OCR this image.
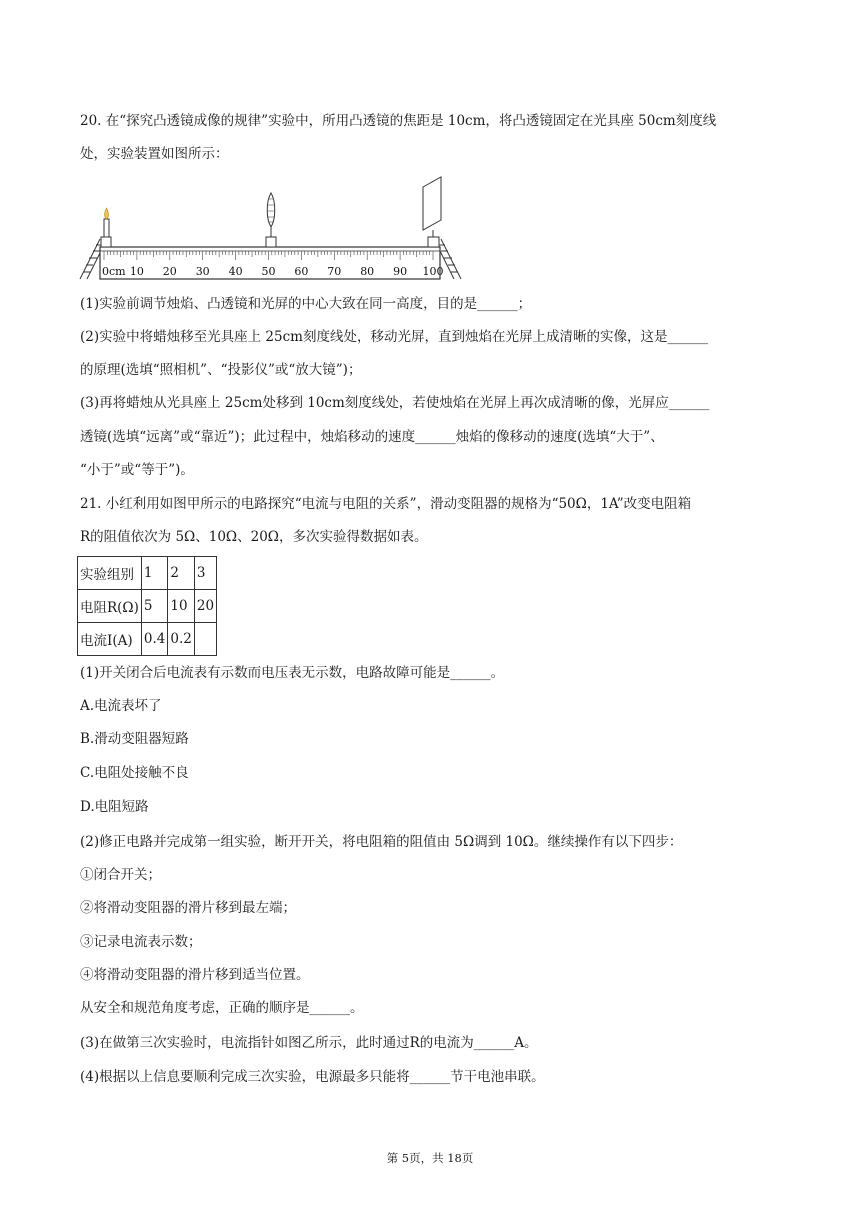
20. 在“探究凸透镜成像的规律”实验中，所用凸透镜的焦距是 10cm，将凸透镜固定在光具座 50cm刻度线
处，实验装置如图所示：
0cm 10 20 30 40 50 60 70 80 90 100
(1)实验前调节烛焰、凸透镜和光屏的中心大致在同一高度，目的是______；
(2)实验中将蜡烛移至光具座上 25cm刻度线处，移动光屏，直到烛焰在光屏上成清晰的实像，这是______
的原理(选填“照相机”、“投影仪”或“放大镜”)；
(3)再将蜡烛从光具座上 25cm处移到 10cm刻度线处，若使烛焰在光屏上再次成清晰的像，光屏应______
透镜(选填“远离”或“靠近”)；此过程中，烛焰移动的速度______烛焰的像移动的速度(选填“大于”、
“小于”或“等于”)。
21. 小红利用如图甲所示的电路探究“电流与电阻的关系”，滑动变阻器的规格为“50Ω，1A”改变电阻箱
R的阻值依次为 5Ω、10Ω、20Ω，多次实验得数据如表。
实验组别	1	2	3
电阻R(Ω)	5	10	20
电流I(A)	0.4	0.2	
(1)开关闭合后电流表有示数而电压表无示数，电路故障可能是______。
A.电流表坏了
B.滑动变阻器短路
C.电阻处接触不良
D.电阻短路
(2)修正电路并完成第一组实验，断开开关，将电阻箱的阻值由 5Ω调到 10Ω。继续操作有以下四步：
①闭合开关；
②将滑动变阻器的滑片移到最左端；
③记录电流表示数；
④将滑动变阻器的滑片移到适当位置。
从安全和规范角度考虑，正确的顺序是______。
(3)在做第三次实验时，电流指针如图乙所示，此时通过R的电流为______A。
(4)根据以上信息要顺利完成三次实验，电源最多只能将______节干电池串联。
第 5页，共 18页
